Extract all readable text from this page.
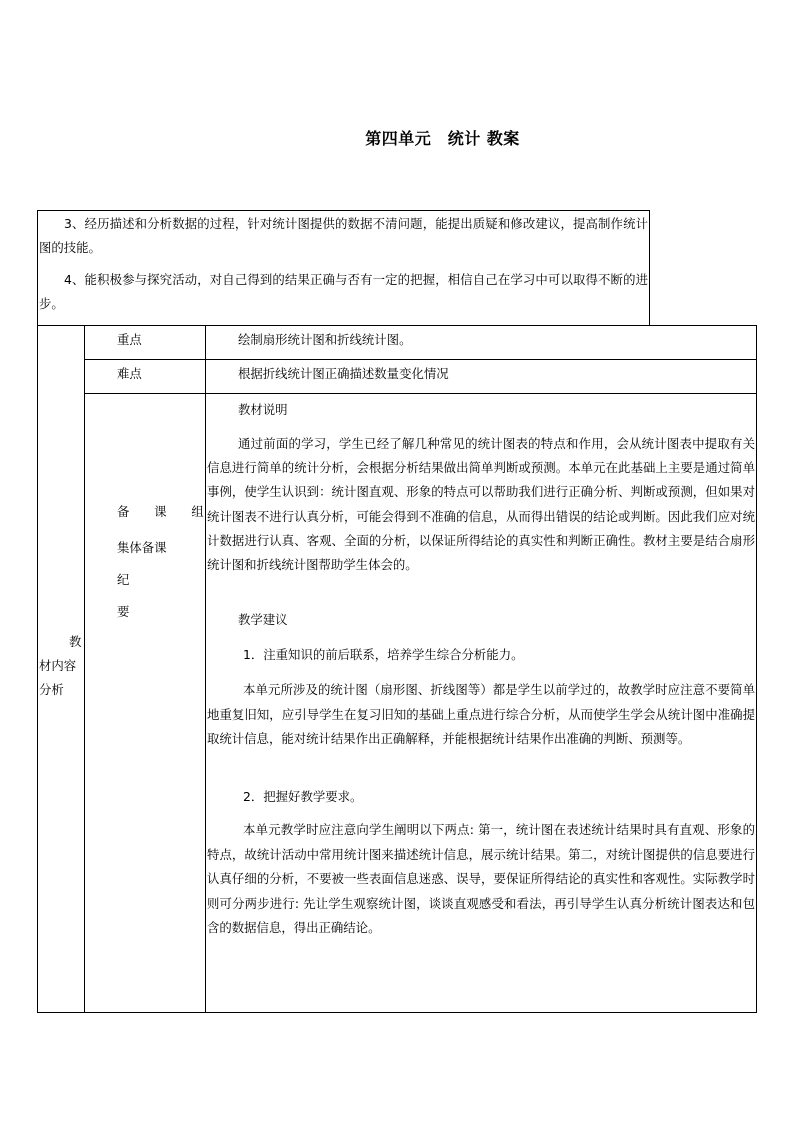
第四单元　统计 教案

3、经历描述和分析数据的过程，针对统计图提供的数据不清问题，能提出质疑和修改建议，提高制作统计图的技能。

4、能积极参与探究活动，对自己得到的结果正确与否有一定的把握，相信自己在学习中可以取得不断的进步。

教
材内容
分析
重点	绘制扇形统计图和折线统计图。
难点	根据折线统计图正确描述数量变化情况
备　　课　　组
集体备课
纪
要
教材说明

通过前面的学习，学生已经了解几种常见的统计图表的特点和作用，会从统计图表中提取有关信息进行简单的统计分析，会根据分析结果做出简单判断或预测。本单元在此基础上主要是通过简单事例，使学生认识到：统计图直观、形象的特点可以帮助我们进行正确分析、判断或预测，但如果对统计图表不进行认真分析，可能会得到不准确的信息，从而得出错误的结论或判断。因此我们应对统计数据进行认真、客观、全面的分析，以保证所得结论的真实性和判断正确性。教材主要是结合扇形统计图和折线统计图帮助学生体会的。

教学建议
1．注重知识的前后联系，培养学生综合分析能力。

本单元所涉及的统计图（扇形图、折线图等）都是学生以前学过的，故教学时应注意不要简单地重复旧知，应引导学生在复习旧知的基础上重点进行综合分析，从而使学生学会从统计图中准确提取统计信息，能对统计结果作出正确解释，并能根据统计结果作出准确的判断、预测等。

2．把握好教学要求。

本单元教学时应注意向学生阐明以下两点: 第一，统计图在表述统计结果时具有直观、形象的特点，故统计活动中常用统计图来描述统计信息，展示统计结果。第二，对统计图提供的信息要进行认真仔细的分析，不要被一些表面信息迷惑、误导，要保证所得结论的真实性和客观性。实际教学时则可分两步进行: 先让学生观察统计图，谈谈直观感受和看法，再引导学生认真分析统计图表达和包含的数据信息，得出正确结论。
